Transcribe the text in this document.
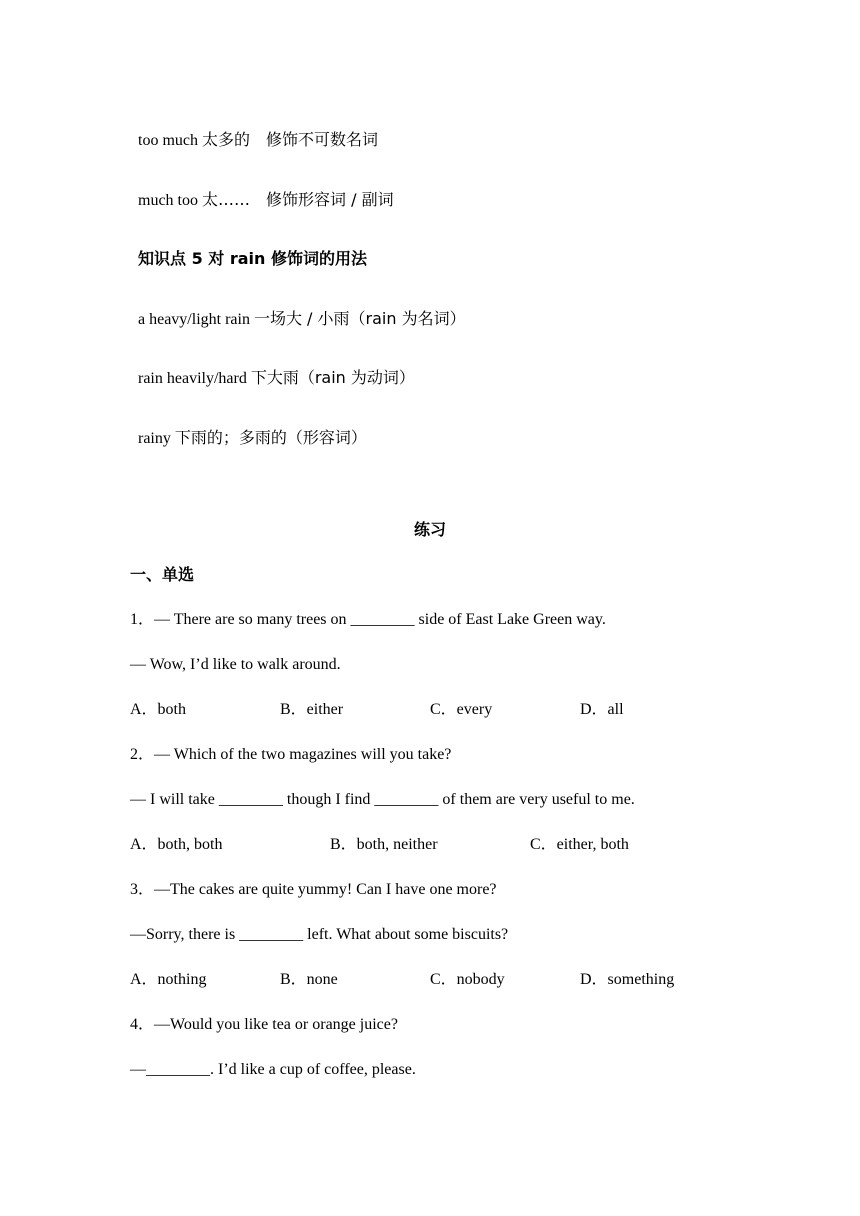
too much 太多的　修饰不可数名词

much too 太……　修饰形容词 / 副词

知识点 5 对 rain 修饰词的用法

a heavy/light rain 一场大 / 小雨（rain 为名词）

rain heavily/hard 下大雨（rain 为动词）

rainy 下雨的；多雨的（形容词）

练习
一、单选
1．— There are so many trees on ________ side of East Lake Green way.
— Wow, I’d like to walk around.
A．both	B．either	C．every	D．all
2．— Which of the two magazines will you take?
— I will take ________ though I find ________ of them are very useful to me.
A．both, both	B．both, neither	C．either, both
3．—The cakes are quite yummy! Can I have one more?
—Sorry, there is ________ left. What about some biscuits?
A．nothing	B．none	C．nobody	D．something
4．—Would you like tea or orange juice?
—________. I’d like a cup of coffee, please.
